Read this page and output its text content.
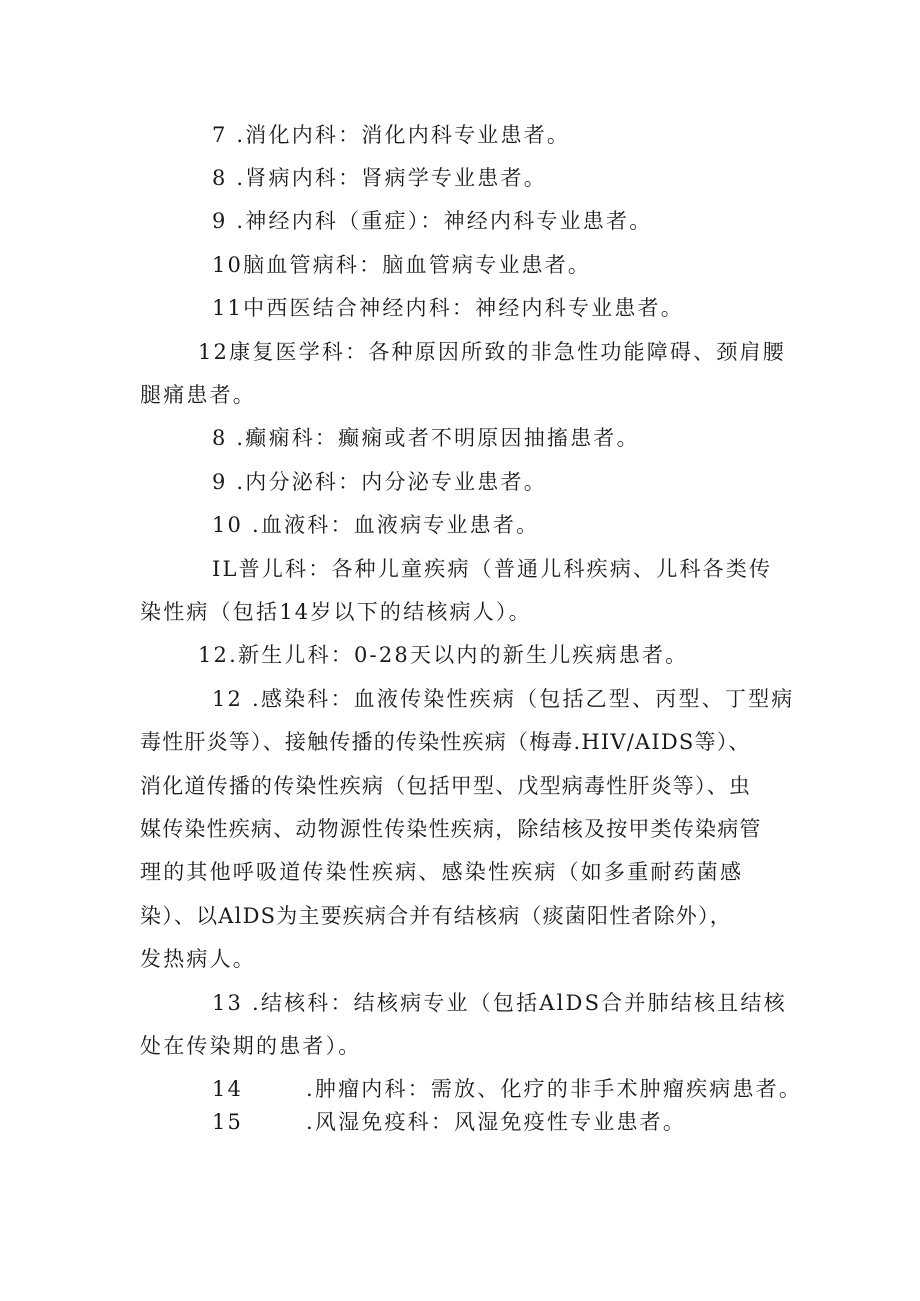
7 .消化内科：消化内科专业患者。
8 .肾病内科：肾病学专业患者。
9 .神经内科（重症）：神经内科专业患者。
10脑血管病科：脑血管病专业患者。
11中西医结合神经内科：神经内科专业患者。
12康复医学科：各种原因所致的非急性功能障碍、颈肩腰
腿痛患者。
8 .癫痫科：癫痫或者不明原因抽搐患者。
9 .内分泌科：内分泌专业患者。
10 .血液科：血液病专业患者。
IL普儿科：各种儿童疾病（普通儿科疾病、儿科各类传
染性病（包括14岁以下的结核病人）。
12.新生儿科：0-28天以内的新生儿疾病患者。
12 .感染科：血液传染性疾病（包括乙型、丙型、丁型病
毒性肝炎等）、接触传播的传染性疾病（梅毒.HIV/AIDS等）、
消化道传播的传染性疾病（包括甲型、戊型病毒性肝炎等）、虫
媒传染性疾病、动物源性传染性疾病，除结核及按甲类传染病管
理的其他呼吸道传染性疾病、感染性疾病（如多重耐药菌感
染）、以AlDS为主要疾病合并有结核病（痰菌阳性者除外），
发热病人。
13 .结核科：结核病专业（包括AlDS合并肺结核且结核
处在传染期的患者）。
14	.肿瘤内科：需放、化疗的非手术肿瘤疾病患者。
15	.风湿免疫科：风湿免疫性专业患者。
